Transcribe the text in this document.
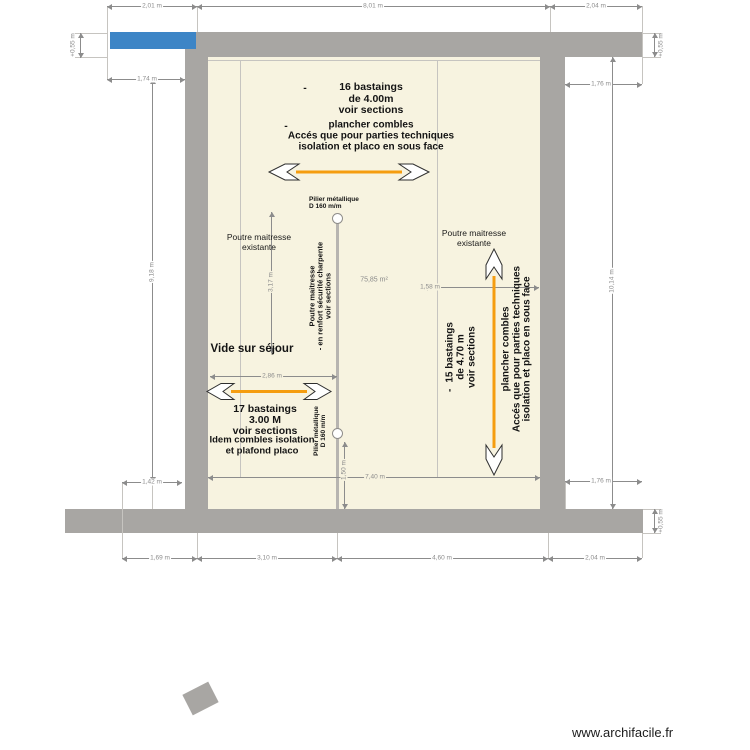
2,01 m	8,01 m	2,04 m
1,74 m
1,76 m
9,18 m	10,14 m
+0,55 m	+0,55 m
+0,55 m
1,58 m
3,17 m
2,86 m
7,40 m
1,50 m
1,42 m
1,69 m	3,10 m	4,60 m	2,04 m
1,76 m
-	16 bastaings
de 4.00m
voir sections
-	plancher combles
Accés que pour parties techniques
isolation et placo en sous face
Pilier métallique
D 160 m/m
Poutre maitresse
existante
Poutre maitresse
existante
Poutre maitresse
- en renfort sécurité charpente
voir sections	75,85 m²
Vide sur séjour
17 bastaings
3.00 M
voir sections
Idem combles isolation
et plafond placo	Pilier métallique D 160 m/m
-15 bastaings de 4.70 m voir sections plancher combles Accés que pour parties techniques isolation et placo en sous face
www.archifacile.fr
